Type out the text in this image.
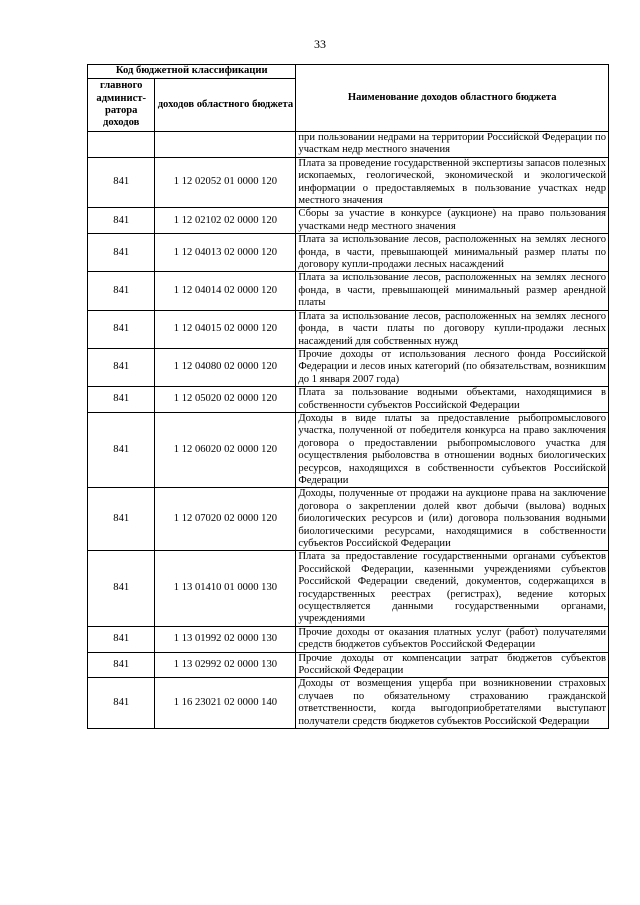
33
Код бюджетной классификации		Наименование доходов областного бюджета
главного админист-ратора доходов	доходов областного бюджета	

		при пользовании недрами на территории Российской Федерации по участкам недр местного значения

841	1 12 02052 01 0000 120	Плата за проведение государственной экспертизы запасов полезных ископаемых, геологической, экономической и экологической информации о предоставляемых в пользование участках недр местного значения

841	1 12 02102 02 0000 120	Сборы за участие в конкурсе (аукционе) на право пользования участками недр местного значения

841	1 12 04013 02 0000 120	Плата за использование лесов, расположенных на землях лесного фонда, в части, превышающей минимальный размер платы по договору купли-продажи лесных насаждений

841	1 12 04014 02 0000 120	Плата за использование лесов, расположенных на землях лесного фонда, в части, превышающей минимальный размер арендной платы

841	1 12 04015 02 0000 120	Плата за использование лесов, расположенных на землях лесного фонда, в части платы по договору купли-продажи лесных насаждений для собственных нужд

841	1 12 04080 02 0000 120	Прочие доходы от использования лесного фонда Российской Федерации и лесов иных категорий (по обязательствам, возникшим до 1 января 2007 года)

841	1 12 05020 02 0000 120	Плата за пользование водными объектами, находящимися в собственности субъектов Российской Федерации

841	1 12 06020 02 0000 120	Доходы в виде платы за предоставление рыбопромыслового участка, полученной от победителя конкурса на право заключения договора о предоставлении рыбопромыслового участка для осуществления рыболовства в отношении водных биологических ресурсов, находящихся в собственности субъектов Российской Федерации

841	1 12 07020 02 0000 120	Доходы, полученные от продажи на аукционе права на заключение договора о закреплении долей квот добычи (вылова) водных биологических ресурсов и (или) договора пользования водными биологическими ресурсами, находящимися в собственности субъектов Российской Федерации

841	1 13 01410 01 0000 130	Плата за предоставление государственными органами субъектов Российской Федерации, казенными учреждениями субъектов Российской Федерации сведений, документов, содержащихся в государственных реестрах (регистрах), ведение которых осуществляется данными государственными органами, учреждениями

841	1 13 01992 02 0000 130	Прочие доходы от оказания платных услуг (работ) получателями средств бюджетов субъектов Российской Федерации

841	1 13 02992 02 0000 130	Прочие доходы от компенсации затрат бюджетов субъектов Российской Федерации

841	1 16 23021 02 0000 140	Доходы от возмещения ущерба при возникновении страховых случаев по обязательному страхованию гражданской ответственности, когда выгодоприобретателями выступают получатели средств бюджетов субъектов Российской Федерации
